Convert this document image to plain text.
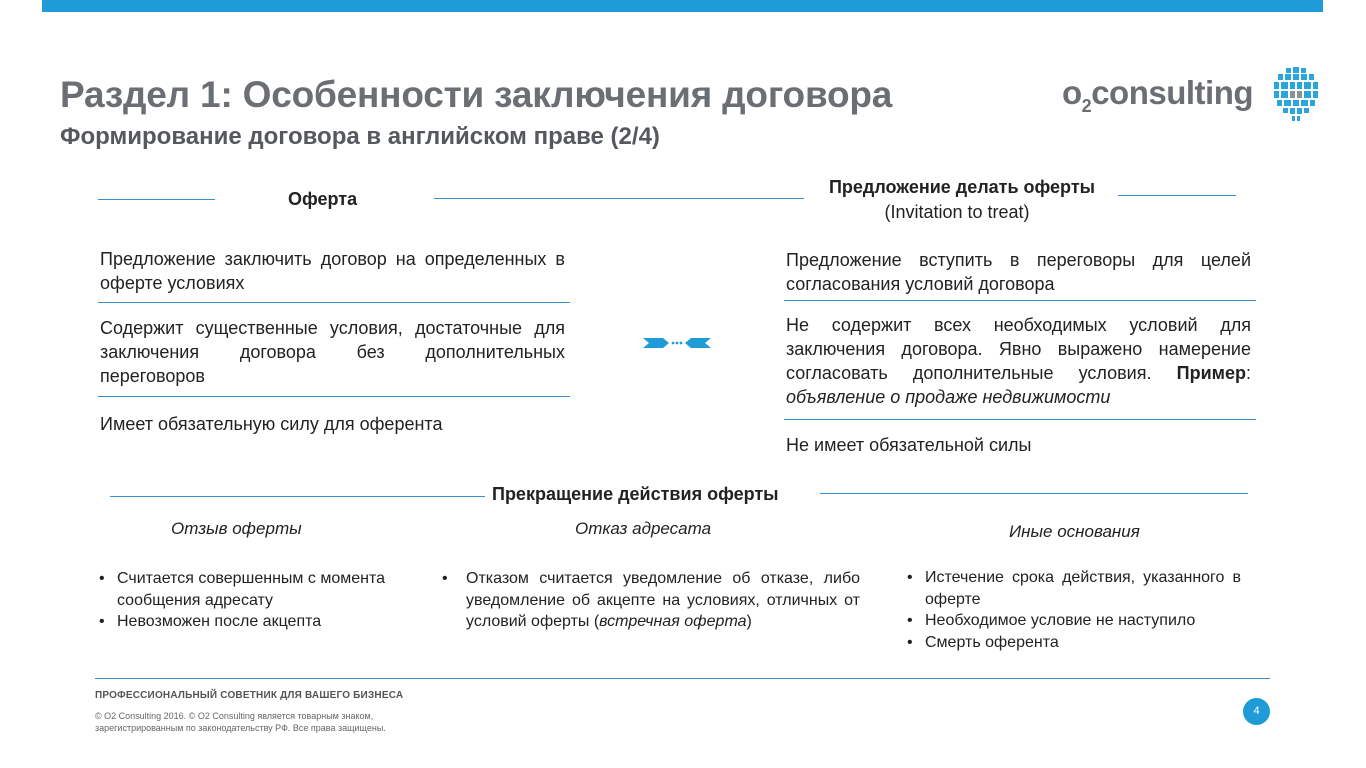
Раздел 1: Особенности заключения договора
Формирование договора в английском праве (2/4)
$o_2consulting$
Оферта
Предложение делать оферты
(Invitation to treat)
Предложение заключить договор на определенных в оферте условиях
Содержит существенные условия, достаточные для заключения договора без дополнительных переговоров
Имеет обязательную силу для оферента
Предложение вступить в переговоры для целей согласования условий договора
Не содержит всех необходимых условий для заключения договора. Явно выражено намерение согласовать дополнительные условия. Пример:
объявление о продаже недвижимости
Не имеет обязательной силы
Прекращение действия оферты
Отзыв оферты	Отказ адресата	Иные основания
• Считается совершенным с момента сообщения адресату
• Невозможен после акцепта
• Отказом считается уведомление об отказе, либо уведомление об акцепте на условиях, отличных от условий оферты (встречная оферта)
• Истечение срока действия, указанного в оферте
• Необходимое условие не наступило
• Смерть оферента
ПРОФЕССИОНАЛЬНЫЙ СОВЕТНИК ДЛЯ ВАШЕГО БИЗНЕСА
© O2 Consulting 2016. © O2 Consulting является товарным знаком, зарегистрированным по законодательству РФ. Все права защищены.
4
